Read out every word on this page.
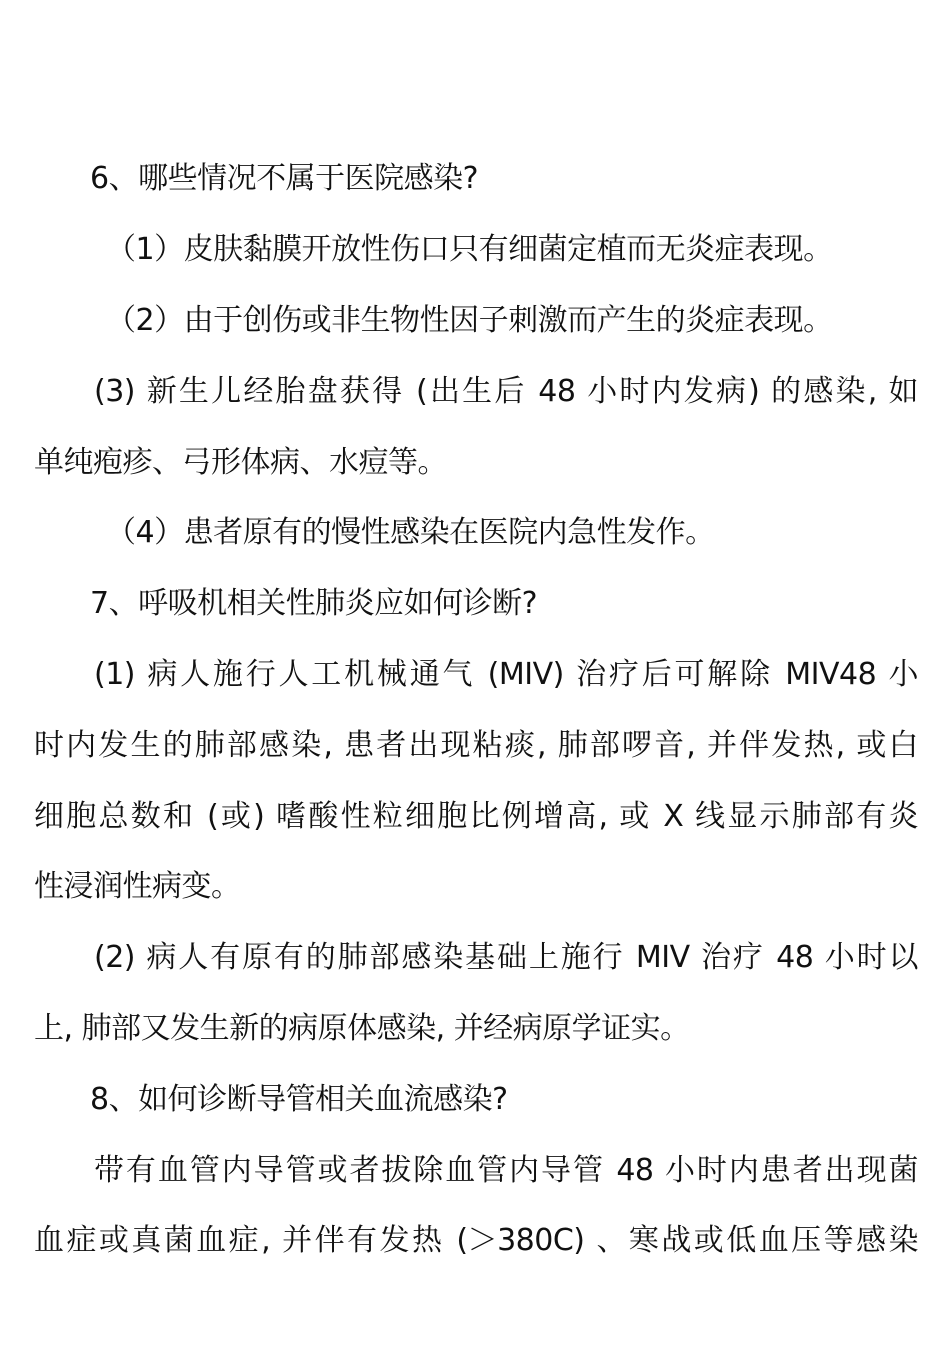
6、哪些情况不属于医院感染?
（1）皮肤黏膜开放性伤口只有细菌定植而无炎症表现。
（2）由于创伤或非生物性因子刺激而产生的炎症表现。
(3) 新生儿经胎盘获得 (出生后 48 小时内发病) 的感染, 如
单纯疱疹、弓形体病、水痘等。
（4）患者原有的慢性感染在医院内急性发作。
7、呼吸机相关性肺炎应如何诊断?
(1) 病人施行人工机械通气 (MIV) 治疗后可解除 MIV48 小
时内发生的肺部感染, 患者出现粘痰, 肺部啰音, 并伴发热, 或白
细胞总数和 (或) 嗜酸性粒细胞比例增高, 或 X 线显示肺部有炎
性浸润性病变。
(2) 病人有原有的肺部感染基础上施行 MIV 治疗 48 小时以
上, 肺部又发生新的病原体感染, 并经病原学证实。
8、如何诊断导管相关血流感染?
带有血管内导管或者拔除血管内导管 48 小时内患者出现菌
血症或真菌血症, 并伴有发热 (＞380C) 、寒战或低血压等感染
